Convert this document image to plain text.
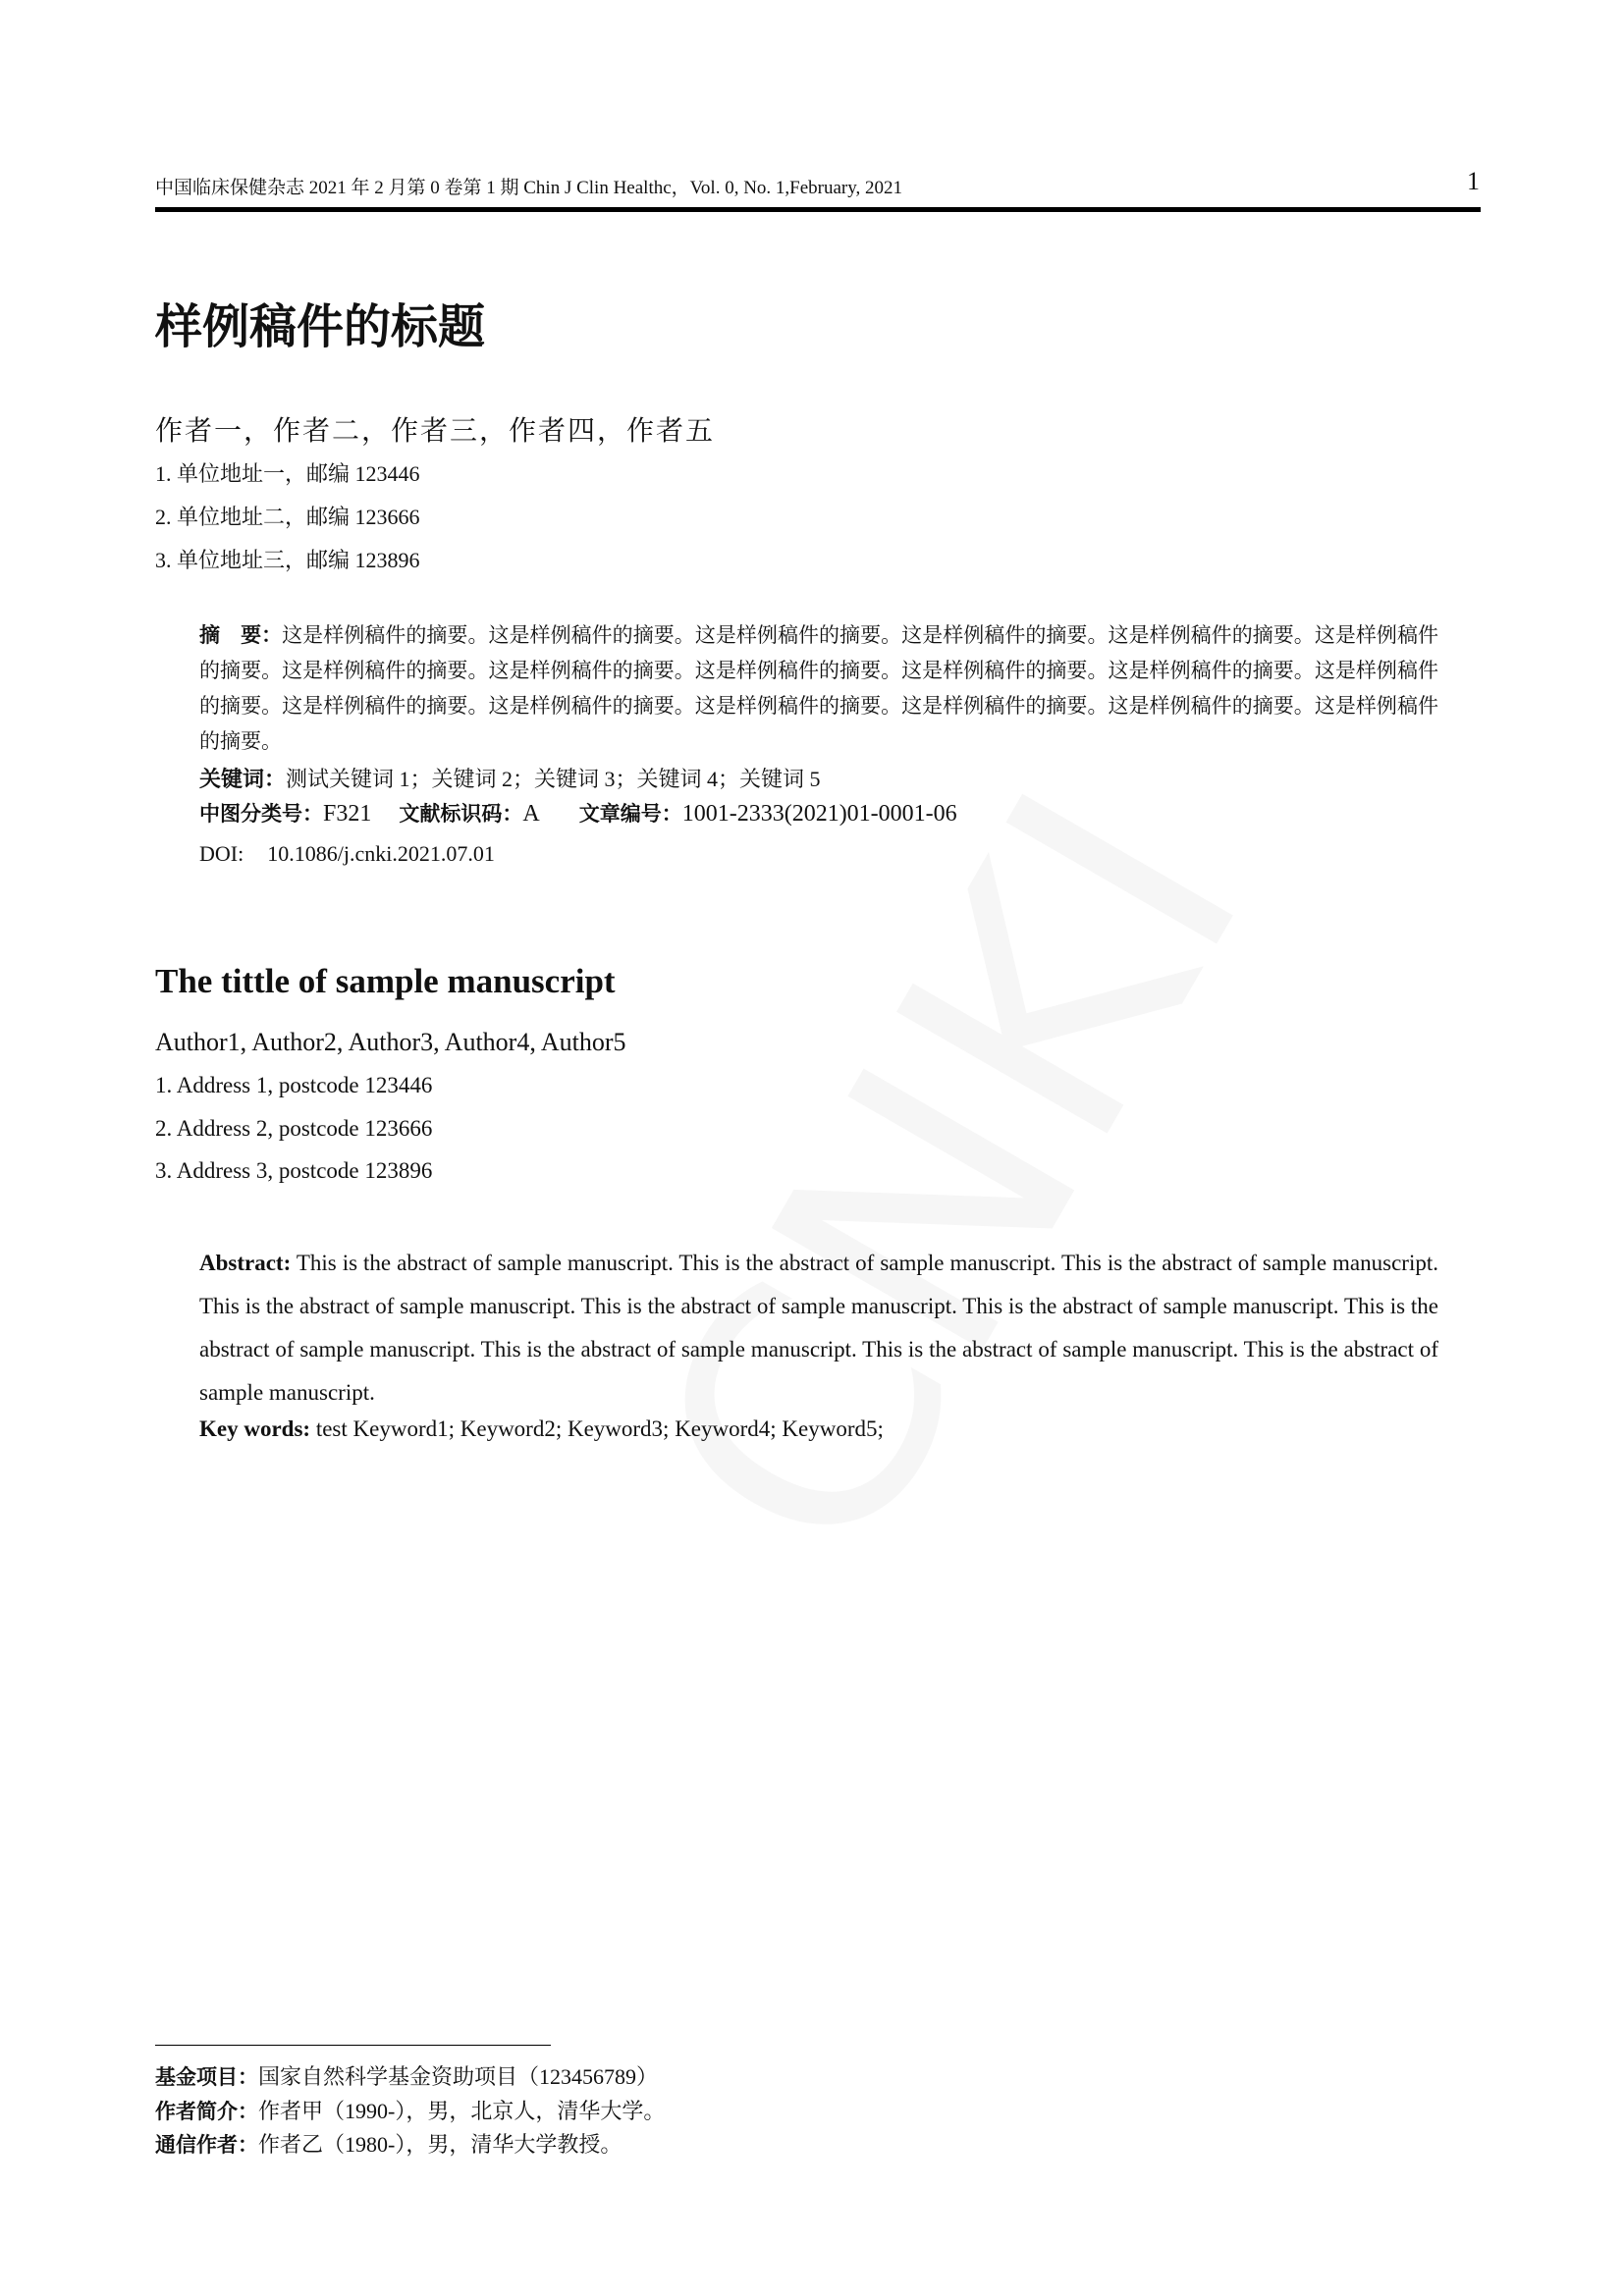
中国临床保健杂志 2021 年 2 月第 0 卷第 1 期 Chin J Clin Healthc，Vol. 0, No. 1,February, 2021	1
样例稿件的标题
作者一，作者二，作者三，作者四，作者五
1. 单位地址一，邮编 123446
2. 单位地址二，邮编 123666
3. 单位地址三，邮编 123896
摘　要：这是样例稿件的摘要。这是样例稿件的摘要。这是样例稿件的摘要。这是样例稿件的摘要。这是样例稿件的摘要。这是样例稿件的摘要。这是样例稿件的摘要。这是样例稿件的摘要。这是样例稿件的摘要。这是样例稿件的摘要。这是样例稿件的摘要。这是样例稿件的摘要。这是样例稿件的摘要。这是样例稿件的摘要。这是样例稿件的摘要。这是样例稿件的摘要。这是样例稿件的摘要。这是样例稿件的摘要。
关键词：测试关键词 1；关键词 2；关键词 3；关键词 4；关键词 5
中图分类号：F321 文献标识码：A 文章编号：1001-2333(2021)01-0001-06
DOI: 10.1086/j.cnki.2021.07.01
The tittle of sample manuscript
Author1, Author2, Author3, Author4, Author5
1. Address 1, postcode 123446
2. Address 2, postcode 123666
3. Address 3, postcode 123896
Abstract: This is the abstract of sample manuscript. This is the abstract of sample manuscript. This is the abstract of sample manuscript. This is the abstract of sample manuscript. This is the abstract of sample manuscript. This is the abstract of sample manuscript. This is the abstract of sample manuscript. This is the abstract of sample manuscript. This is the abstract of sample manuscript. This is the abstract of sample manuscript.
Key words: test Keyword1; Keyword2; Keyword3; Keyword4; Keyword5;
基金项目：国家自然科学基金资助项目（123456789）
作者简介：作者甲（1990-），男，北京人，清华大学。
通信作者：作者乙（1980-），男，清华大学教授。
